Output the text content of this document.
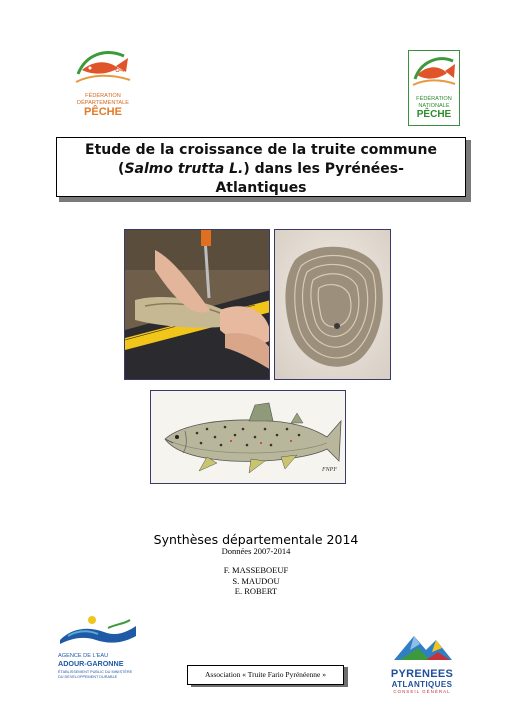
64
FÉDÉRATION
DÉPARTEMENTALE
PÊCHE
FÉDÉRATION
NATIONALE
PÊCHE
Etude de la croissance de la truite commune
(Salmo trutta L.) dans les Pyrénées-
Atlantiques
FNPF
Synthèses départementale 2014
Données 2007-2014
F. MASSEBOEUF
S. MAUDOU
E. ROBERT
AGENCE DE L'EAU
ADOUR-GARONNE
ÉTABLISSEMENT PUBLIC DU MINISTÈRE
DU DÉVELOPPEMENT DURABLE	Association « Truite Fario Pyrénéenne »	PYRENEES
ATLANTIQUES
CONSEIL GÉNÉRAL
